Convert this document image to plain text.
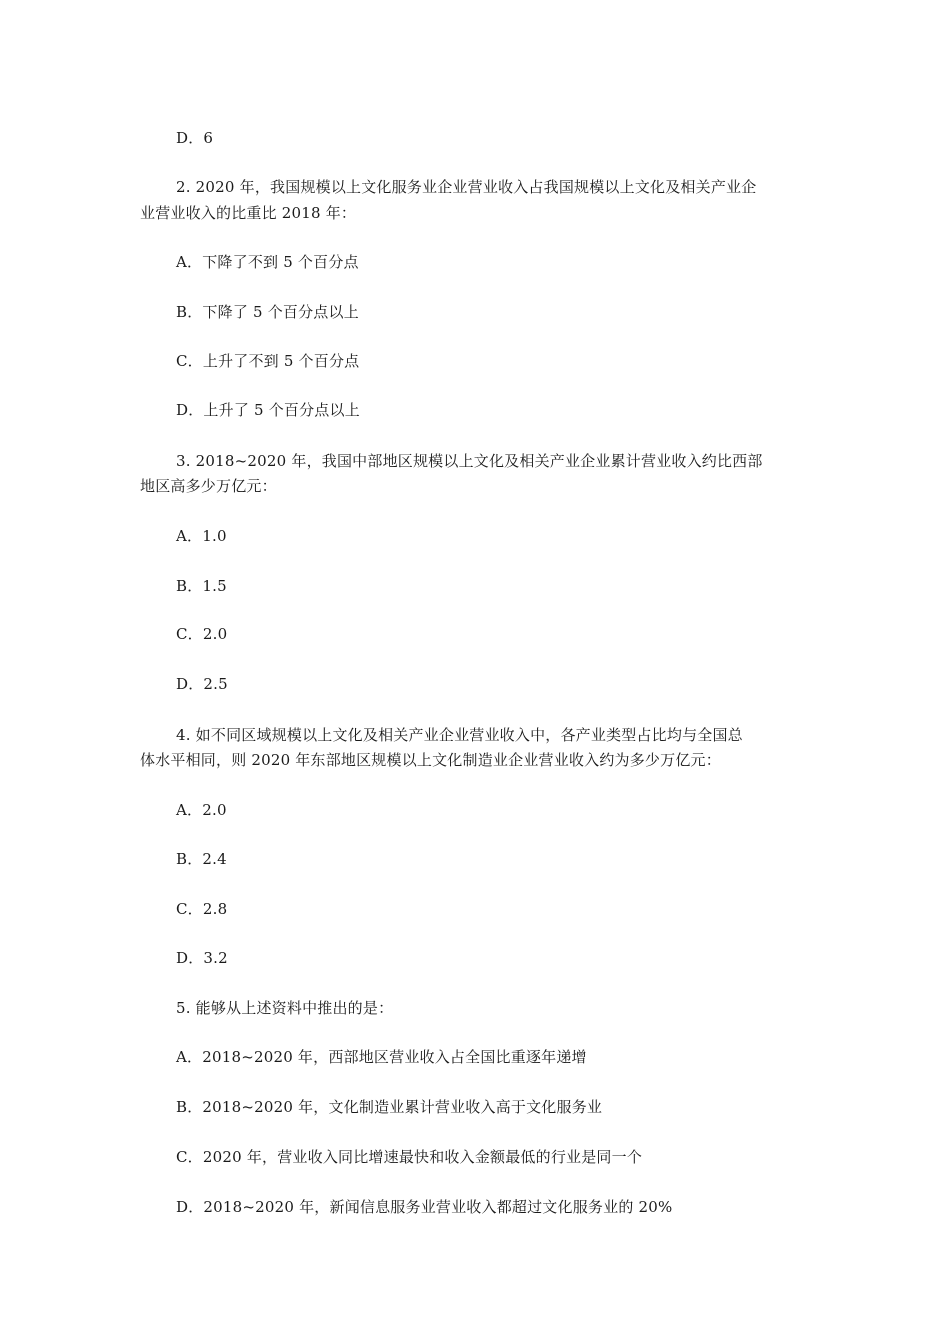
D．6
2. 2020 年，我国规模以上文化服务业企业营业收入占我国规模以上文化及相关产业企
业营业收入的比重比 2018 年：
A．下降了不到 5 个百分点
B．下降了 5 个百分点以上
C．上升了不到 5 个百分点
D．上升了 5 个百分点以上
3. 2018~2020 年，我国中部地区规模以上文化及相关产业企业累计营业收入约比西部
地区高多少万亿元：
A．1.0
B．1.5
C．2.0
D．2.5
4. 如不同区域规模以上文化及相关产业企业营业收入中，各产业类型占比均与全国总
体水平相同，则 2020 年东部地区规模以上文化制造业企业营业收入约为多少万亿元：
A．2.0
B．2.4
C．2.8
D．3.2
5. 能够从上述资料中推出的是：
A．2018~2020 年，西部地区营业收入占全国比重逐年递增
B．2018~2020 年，文化制造业累计营业收入高于文化服务业
C．2020 年，营业收入同比增速最快和收入金额最低的行业是同一个
D．2018~2020 年，新闻信息服务业营业收入都超过文化服务业的 20%
